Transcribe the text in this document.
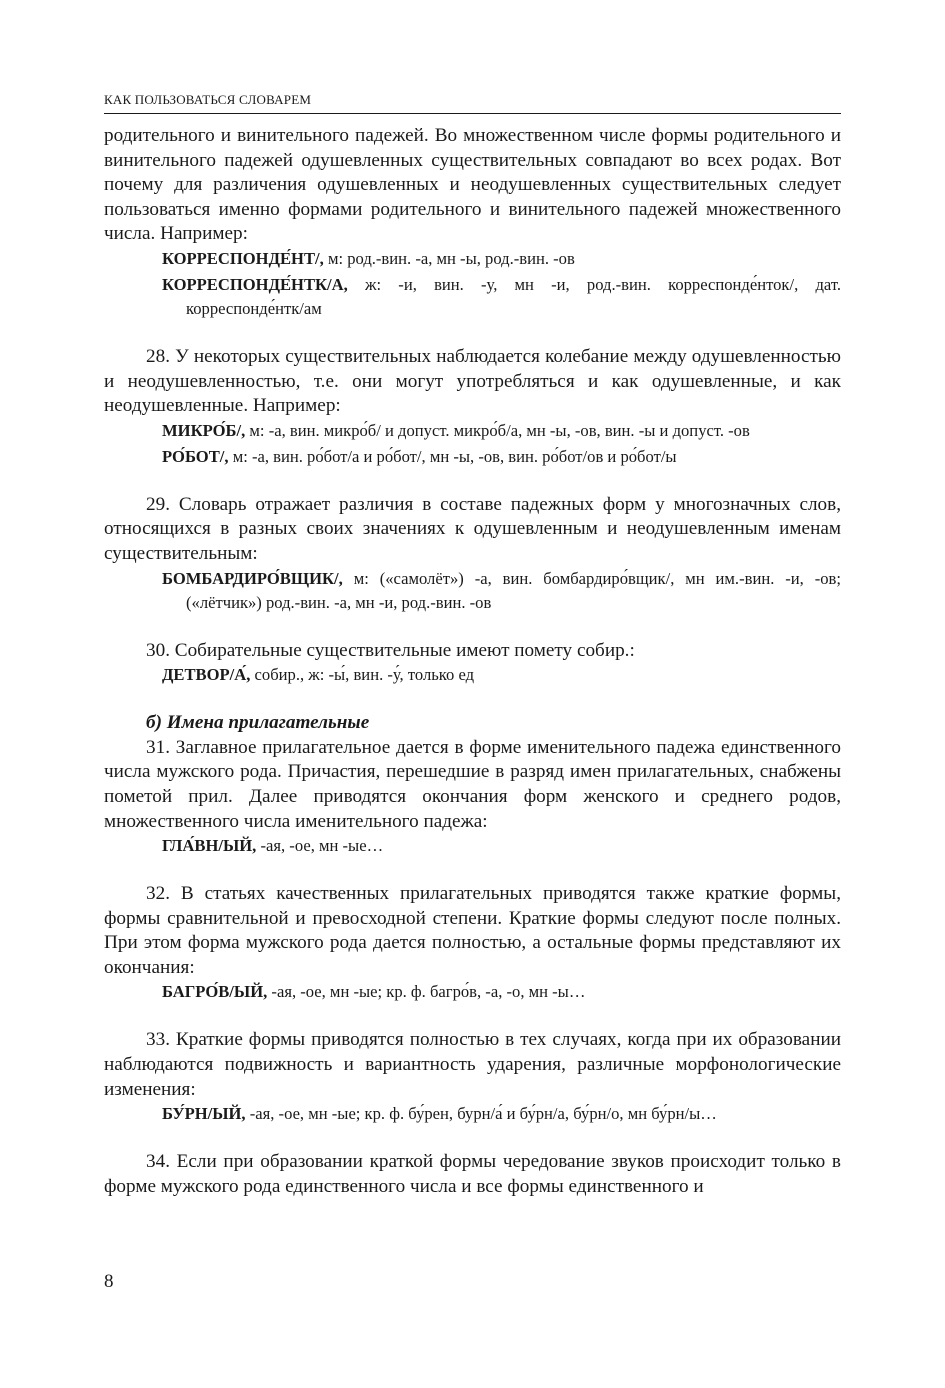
КАК ПОЛЬЗОВАТЬСЯ СЛОВАРЕМ

родительного и винительного падежей. Во множественном числе формы родительного и винительного падежей одушевленных существительных совпадают во всех родах. Вот почему для различения одушевленных и неодушевленных существительных следует пользоваться именно формами родительного и винительного падежей множественного числа. Например:

КОРРЕСПОНДЕ́НТ/, м: род.-вин. -а, мн -ы, род.-вин. -ов
КОРРЕСПОНДЕ́НТК/А, ж: -и, вин. -у, мн -и, род.-вин. корреспонде́нток/, дат. корреспонде́нтк/ам

28. У некоторых существительных наблюдается колебание между одушевленностью и неодушевленностью, т.е. они могут употребляться и как одушевленные, и как неодушевленные. Например:

МИКРО́Б/, м: -а, вин. микро́б/ и допуст. микро́б/а, мн -ы, -ов, вин. -ы и допуст. -ов
РО́БОТ/, м: -а, вин. ро́бот/а и ро́бот/, мн -ы, -ов, вин. ро́бот/ов и ро́бот/ы

29. Словарь отражает различия в составе падежных форм у многозначных слов, относящихся в разных своих значениях к одушевленным и неодушевленным именам существительным:

БОМБАРДИРО́ВЩИК/, м: («самолёт») -а, вин. бомбардиро́вщик/, мн им.-вин. -и, -ов; («лётчик») род.-вин. -а, мн -и, род.-вин. -ов

30. Собирательные существительные имеют помету собир.:

ДЕТВОР/А́, собир., ж: -ы́, вин. -у́, только ед
б) Имена прилагательные

31. Заглавное прилагательное дается в форме именительного падежа единственного числа мужского рода. Причастия, перешедшие в разряд имен прилагательных, снабжены пометой прил. Далее приводятся окончания форм женского и среднего родов, множественного числа именительного падежа:

ГЛА́ВН/ЫЙ, -ая, -ое, мн -ые…

32. В статьях качественных прилагательных приводятся также краткие формы, формы сравнительной и превосходной степени. Краткие формы следуют после полных. При этом форма мужского рода дается полностью, а остальные формы представляют их окончания:

БАГРО́В/ЫЙ, -ая, -ое, мн -ые; кр. ф. багро́в, -а, -о, мн -ы…

33. Краткие формы приводятся полностью в тех случаях, когда при их образовании наблюдаются подвижность и вариантность ударения, различные морфонологические изменения:

БУ́РН/ЫЙ, -ая, -ое, мн -ые; кр. ф. бу́рен, бурн/а́ и бу́рн/а, бу́рн/о, мн бу́рн/ы…

34. Если при образовании краткой формы чередование звуков происходит только в форме мужского рода единственного числа и все формы единственного и

8
